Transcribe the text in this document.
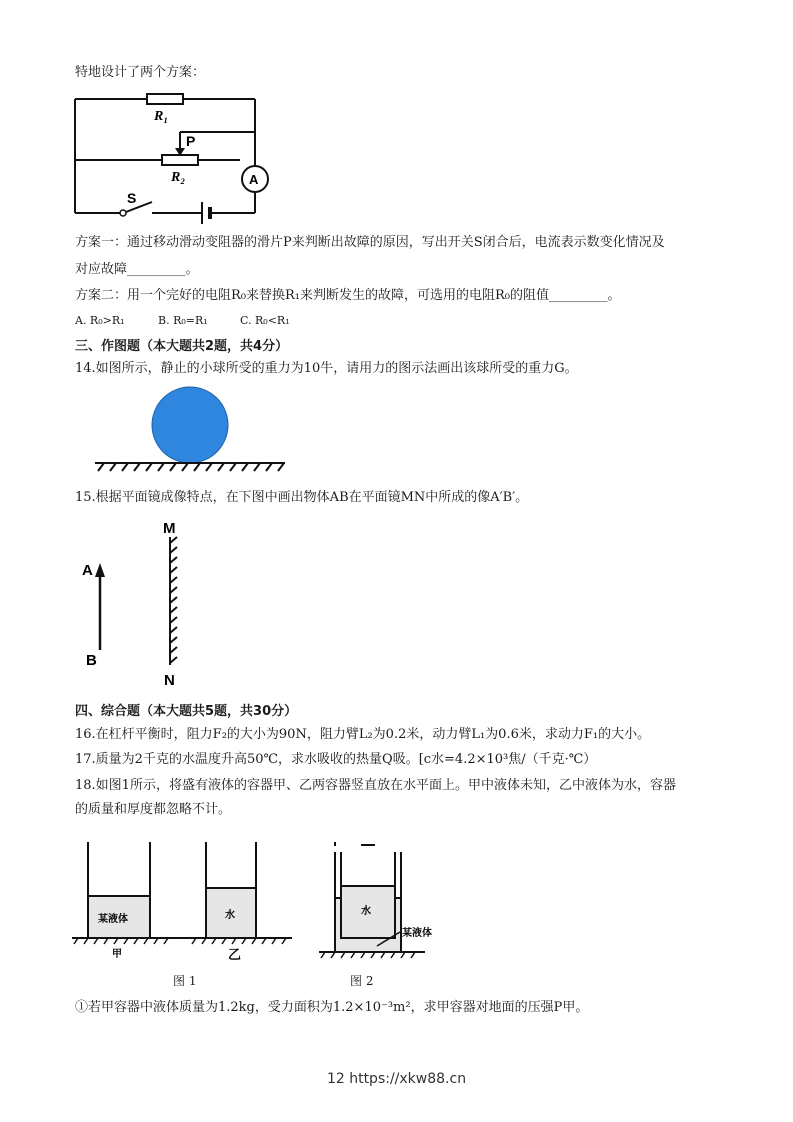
特地设计了两个方案：
R₁
R₂
P
S
A
方案一：通过移动滑动变阻器的滑片P来判断出故障的原因，写出开关S闭合后，电流表示数变化情况及
对应故障_________。
方案二：用一个完好的电阻R₀来替换R₁来判断发生的故障，可选用的电阻R₀的阻值_________。
A. R₀>R₁	B. R₀=R₁	C. R₀<R₁
三、作图题（本大题共2题，共4分）
14.如图所示，静止的小球所受的重力为10牛，请用力的图示法画出该球所受的重力G。
15.根据平面镜成像特点，在下图中画出物体AB在平面镜MN中所成的像A′B′。
M
N
A
B
四、综合题（本大题共5题，共30分）
16.在杠杆平衡时，阻力F₂的大小为90N，阻力臂L₂为0.2米，动力臂L₁为0.6米，求动力F₁的大小。
17.质量为2千克的水温度升高50℃，求水吸收的热量Q吸。[c水=4.2×10³焦/（千克·℃）
18.如图1所示，将盛有液体的容器甲、乙两容器竖直放在水平面上。甲中液体未知，乙中液体为水，容器
的质量和厚度都忽略不计。
某液体	水
甲	乙
水
某液体
图 1	图 2
①若甲容器中液体质量为1.2kg，受力面积为1.2×10⁻³m²，求甲容器对地面的压强P甲。
12 https://xkw88.cn
